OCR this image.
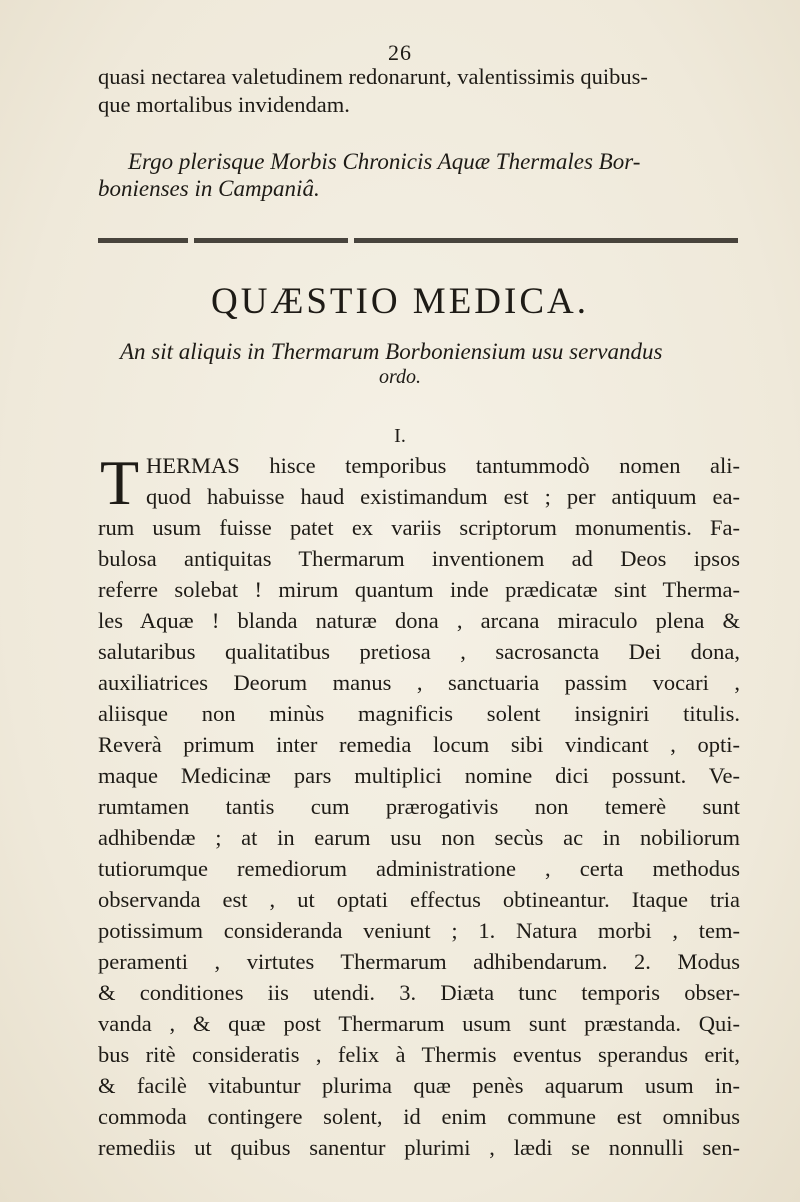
26
quasi nectarea valetudinem redonarunt, valentissimis quibus-
que mortalibus invidendam.
Ergo plerisque Morbis Chronicis Aquæ Thermales Bor-
bonienses in Campaniâ.
QUÆSTIO MEDICA.
An sit aliquis in Thermarum Borboniensium usu servandus
ordo.
I.
T HERMAS hisce temporibus tantummodò nomen ali-
quod habuisse haud existimandum est ; per antiquum ea-
rum usum fuisse patet ex variis scriptorum monumentis. Fa-
bulosa antiquitas Thermarum inventionem ad Deos ipsos
referre solebat ! mirum quantum inde prædicatæ sint Therma-
les Aquæ ! blanda naturæ dona , arcana miraculo plena &
salutaribus qualitatibus pretiosa , sacrosancta Dei dona,
auxiliatrices Deorum manus , sanctuaria passim vocari ,
aliisque non minùs magnificis solent insigniri titulis.
Reverà primum inter remedia locum sibi vindicant , opti-
maque Medicinæ pars multiplici nomine dici possunt. Ve-
rumtamen tantis cum prærogativis non temerè sunt
adhibendæ ; at in earum usu non secùs ac in nobiliorum
tutiorumque remediorum administratione , certa methodus
observanda est , ut optati effectus obtineantur. Itaque tria
potissimum consideranda veniunt ; 1. Natura morbi , tem-
peramenti , virtutes Thermarum adhibendarum. 2. Modus
& conditiones iis utendi. 3. Diæta tunc temporis obser-
vanda , & quæ post Thermarum usum sunt præstanda. Qui-
bus ritè consideratis , felix à Thermis eventus sperandus erit,
& facilè vitabuntur plurima quæ penès aquarum usum in-
commoda contingere solent, id enim commune est omnibus
remediis ut quibus sanentur plurimi , lædi se nonnulli sen-
